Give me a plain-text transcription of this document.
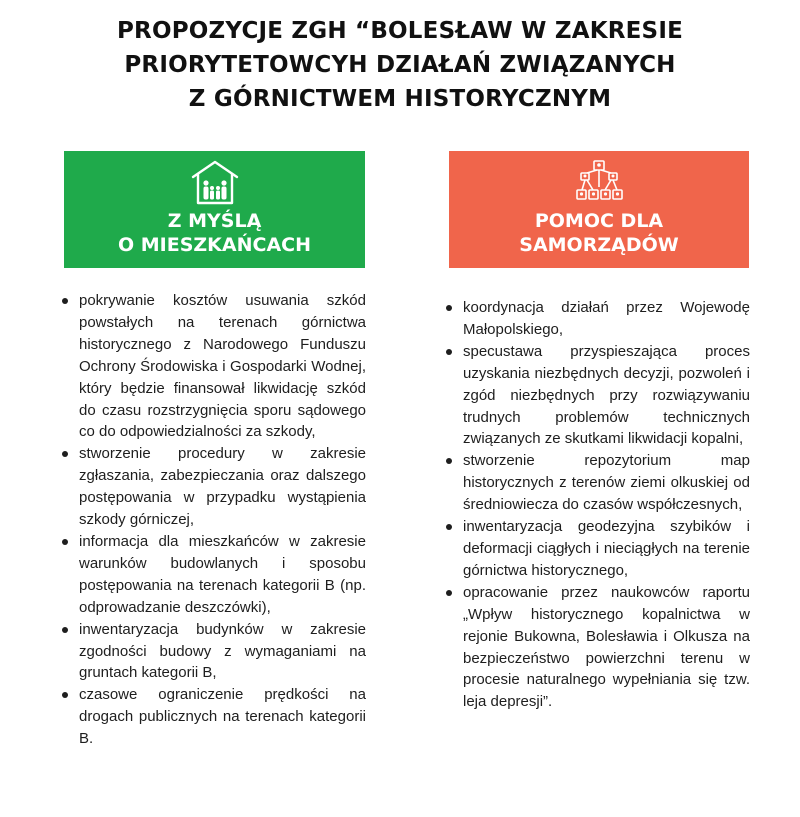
PROPOZYCJE ZGH “BOLESŁAW W ZAKRESIE
PRIORYTETOWCYH DZIAŁAŃ ZWIĄZANYCH
Z GÓRNICTWEM HISTORYCZNYM
Z MYŚLĄ
O MIESZKAŃCACH
POMOC DLA
SAMORZĄDÓW
pokrywanie kosztów usuwania szkód powstałych na terenach górnictwa historycznego z Narodowego Funduszu Ochrony Środowiska i Gospodarki Wodnej, który będzie finansował likwidację szkód do czasu rozstrzygnięcia sporu sądowego co do odpowiedzialności za szkody,
stworzenie procedury w zakresie zgłaszania, zabezpieczania oraz dalszego postępowania w przypadku wystąpienia szkody górniczej,
informacja dla mieszkańców w zakresie warunków budowlanych i sposobu postępowania na terenach kategorii B (np. odprowadzanie deszczówki),
inwentaryzacja budynków w zakresie zgodności budowy z wymaganiami na gruntach kategorii B,
czasowe ograniczenie prędkości na drogach publicznych na terenach kategorii B.
koordynacja działań przez Wojewodę Małopolskiego,
specustawa przyspieszająca proces uzyskania niezbędnych decyzji, pozwoleń i zgód niezbędnych przy rozwiązywaniu trudnych problemów technicznych związanych ze skutkami likwidacji kopalni,
stworzenie repozytorium map historycznych z terenów ziemi olkuskiej od średniowiecza do czasów współczesnych,
inwentaryzacja geodezyjna szybików i deformacji ciągłych i nieciągłych na terenie górnictwa historycznego,
opracowanie przez naukowców raportu „Wpływ historycznego kopalnictwa w rejonie Bukowna, Bolesławia i Olkusza na bezpieczeństwo powierzchni terenu w procesie naturalnego wypełniania się tzw. leja depresji”.
